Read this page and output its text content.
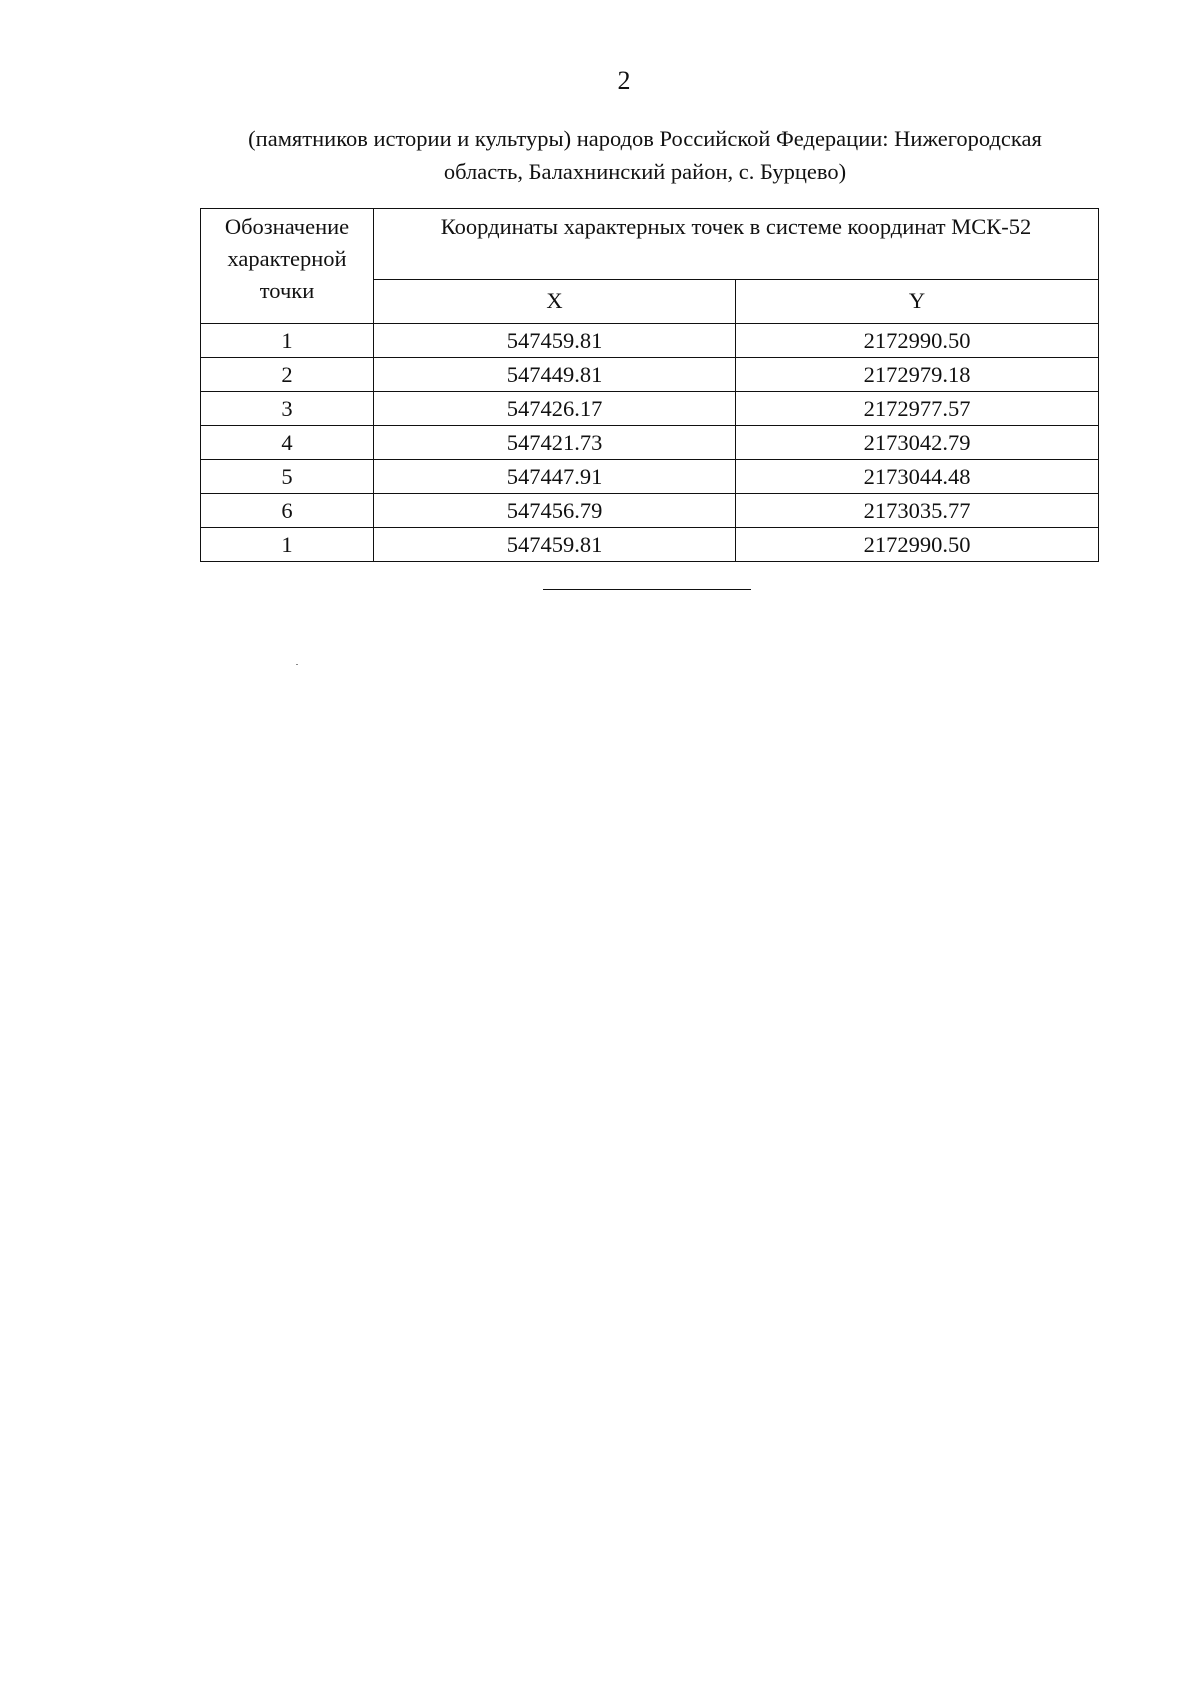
2
(памятников истории и культуры) народов Российской Федерации: Нижегородская
область, Балахнинский район, с. Бурцево)
Обозначение характерной точки	Координаты характерных точек в системе координат МСК-52	
	X	Y
1	547459.81	2172990.50
2	547449.81	2172979.18
3	547426.17	2172977.57
4	547421.73	2173042.79
5	547447.91	2173044.48
6	547456.79	2173035.77
1	547459.81	2172990.50
